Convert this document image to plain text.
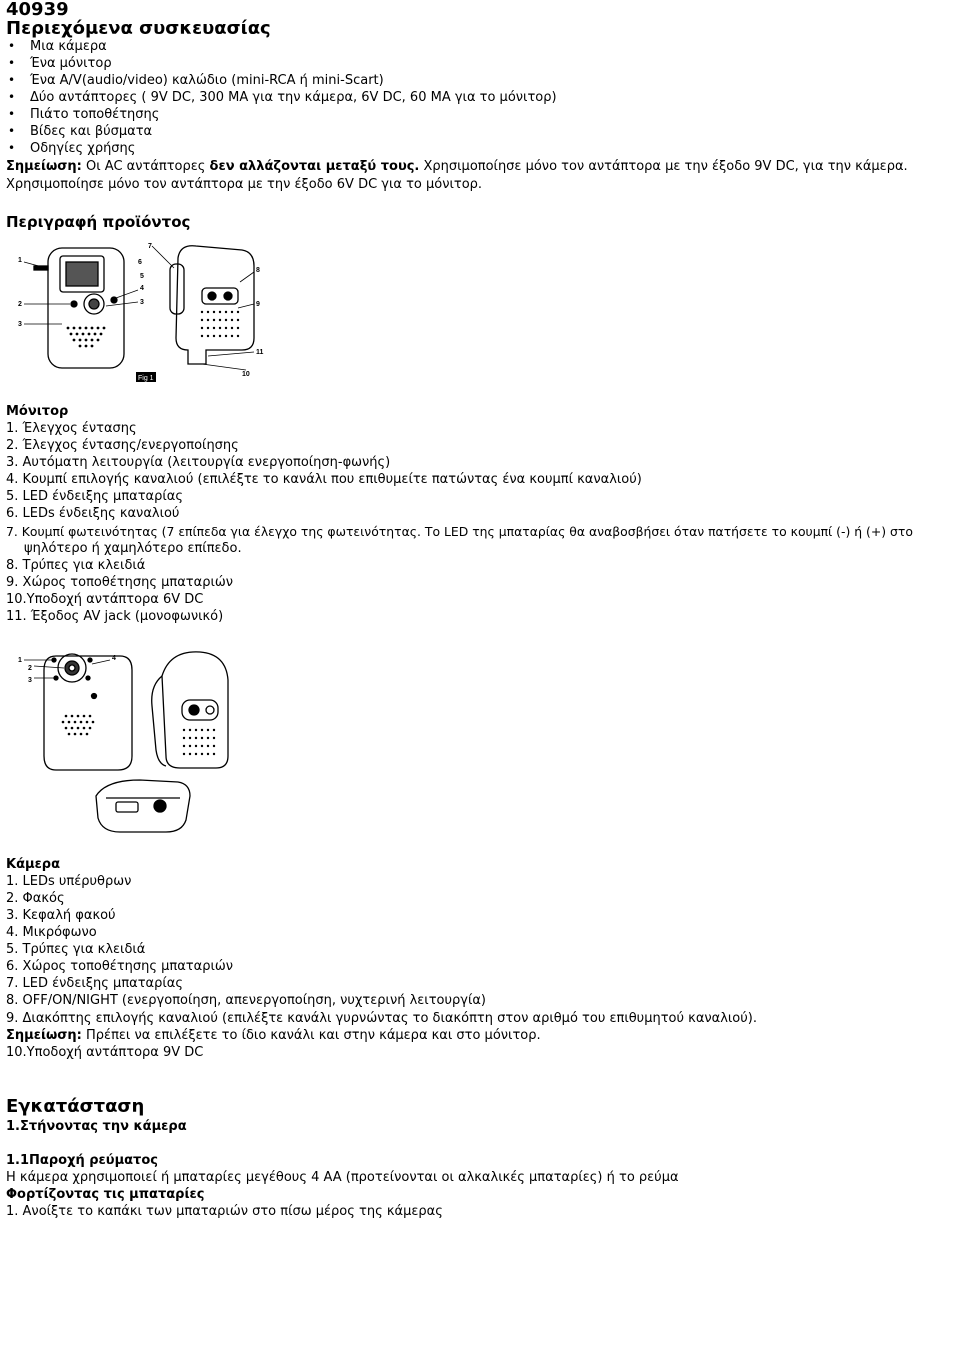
40939
Περιεχόμενα συσκευασίας
• Μια κάμερα
• Ένα μόνιτορ
• Ένα A/V(audio/video) καλώδιο (mini-RCA ή mini-Scart)
• Δύο αντάπτορες ( 9V DC, 300 MA για την κάμερα, 6V DC, 60 MA για το μόνιτορ)
• Πιάτο τοποθέτησης
• Βίδες και βύσματα
• Οδηγίες χρήσης
Σημείωση: Οι AC αντάπτορες δεν αλλάζονται μεταξύ τους. Χρησιμοποίησε μόνο τον αντάπτορα με την έξοδο 9V DC, για την κάμερα.
Χρησιμοποίησε μόνο τον αντάπτορα με την έξοδο 6V DC για το μόνιτορ.
Περιγραφή προϊόντος
1
2
3
4
3
5
6
7
8
9
10
11
Fig 1
Μόνιτορ
1. Έλεγχος έντασης
2. Έλεγχος έντασης/ενεργοποίησης
3. Αυτόματη λειτουργία (λειτουργία ενεργοποίηση-φωνής)
4. Κουμπί επιλογής καναλιού (επιλέξτε το κανάλι που επιθυμείτε πατώντας ένα κουμπί καναλιού)
5. LED ένδειξης μπαταρίας
6. LEDs ένδειξης καναλιού
7. Κουμπί φωτεινότητας (7 επίπεδα για έλεγχο της φωτεινότητας. Το LED της μπαταρίας θα αναβοσβήσει όταν πατήσετε το κουμπί (-) ή (+) στο
ψηλότερο ή χαμηλότερο επίπεδο.
8. Τρύπες για κλειδιά
9. Χώρος τοποθέτησης μπαταριών
10.Υποδοχή αντάπτορα 6V DC
11. Έξοδος AV jack (μονοφωνικό)
1
2
3
4
Κάμερα
1. LEDs υπέρυθρων
2. Φακός
3. Κεφαλή φακού
4. Μικρόφωνο
5. Τρύπες για κλειδιά
6. Χώρος τοποθέτησης μπαταριών
7. LED ένδειξης μπαταρίας
8. OFF/ON/NIGHT (ενεργοποίηση, απενεργοποίηση, νυχτερινή λειτουργία)
9. Διακόπτης επιλογής καναλιού (επιλέξτε κανάλι γυρνώντας το διακόπτη στον αριθμό του επιθυμητού καναλιού).
Σημείωση: Πρέπει να επιλέξετε το ίδιο κανάλι και στην κάμερα και στο μόνιτορ.
10.Υποδοχή αντάπτορα 9V DC
Εγκατάσταση
1.Στήνοντας την κάμερα
1.1Παροχή ρεύματος
Η κάμερα χρησιμοποιεί ή μπαταρίες μεγέθους 4 AA (προτείνονται οι αλκαλικές μπαταρίες) ή το ρεύμα
Φορτίζοντας τις μπαταρίες
1. Ανοίξτε το καπάκι των μπαταριών στο πίσω μέρος της κάμερας
